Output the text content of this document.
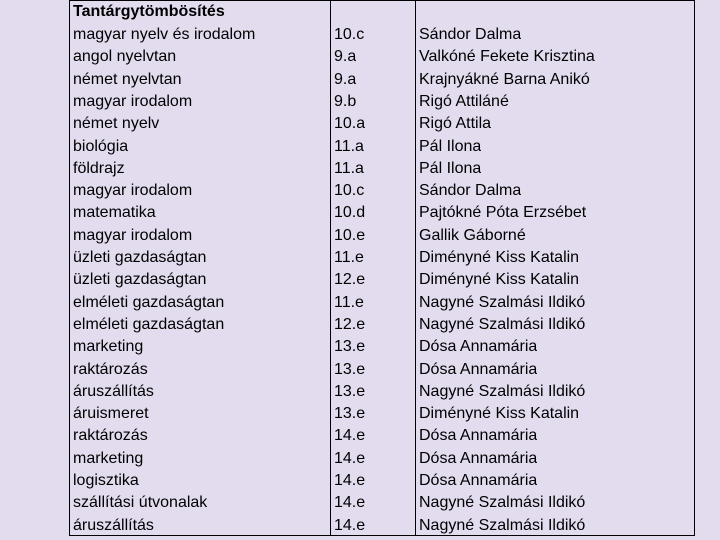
Tantárgytömbösítés
magyar nyelv és irodalom	10.c	Sándor Dalma
angol nyelvtan	9.a	Valkóné Fekete Krisztina
német nyelvtan	9.a	Krajnyákné Barna Anikó
magyar irodalom	9.b	Rigó Attiláné
német nyelv	10.a	Rigó Attila
biológia	11.a	Pál Ilona
földrajz	11.a	Pál Ilona
magyar irodalom	10.c	Sándor Dalma
matematika	10.d	Pajtókné Póta Erzsébet
magyar irodalom	10.e	Gallik Gáborné
üzleti gazdaságtan	11.e	Diményné Kiss Katalin
üzleti gazdaságtan	12.e	Diményné Kiss Katalin
elméleti gazdaságtan	11.e	Nagyné Szalmási Ildikó
elméleti gazdaságtan	12.e	Nagyné Szalmási Ildikó
marketing	13.e	Dósa Annamária
raktározás	13.e	Dósa Annamária
áruszállítás	13.e	Nagyné Szalmási Ildikó
áruismeret	13.e	Diményné Kiss Katalin
raktározás	14.e	Dósa Annamária
marketing	14.e	Dósa Annamária
logisztika	14.e	Dósa Annamária
szállítási útvonalak	14.e	Nagyné Szalmási Ildikó
áruszállítás	14.e	Nagyné Szalmási Ildikó
